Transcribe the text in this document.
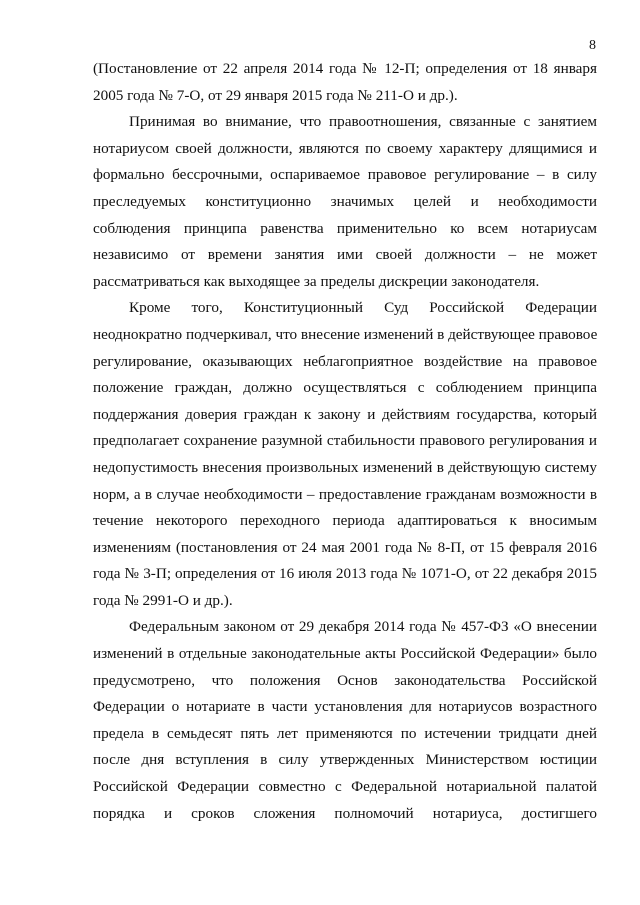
8
(Постановление от 22 апреля 2014 года № 12-П; определения от 18 января
2005 года № 7-О, от 29 января 2015 года № 211-О и др.).
Принимая во внимание, что правоотношения, связанные с занятием
нотариусом своей должности, являются по своему характеру длящимися и
формально бессрочными, оспариваемое правовое регулирование – в силу
преследуемых конституционно значимых целей и необходимости
соблюдения принципа равенства применительно ко всем нотариусам
независимо от времени занятия ими своей должности – не может
рассматриваться как выходящее за пределы дискреции законодателя.
Кроме того, Конституционный Суд Российской Федерации
неоднократно подчеркивал, что внесение изменений в действующее правовое
регулирование, оказывающих неблагоприятное воздействие на правовое
положение граждан, должно осуществляться с соблюдением принципа
поддержания доверия граждан к закону и действиям государства, который
предполагает сохранение разумной стабильности правового регулирования и
недопустимость внесения произвольных изменений в действующую систему
норм, а в случае необходимости – предоставление гражданам возможности в
течение некоторого переходного периода адаптироваться к вносимым
изменениям (постановления от 24 мая 2001 года № 8-П, от 15 февраля 2016
года № 3-П; определения от 16 июля 2013 года № 1071-О, от 22 декабря 2015
года № 2991-О и др.).
Федеральным законом от 29 декабря 2014 года № 457-ФЗ «О внесении
изменений в отдельные законодательные акты Российской Федерации» было
предусмотрено, что положения Основ законодательства Российской
Федерации о нотариате в части установления для нотариусов возрастного
предела в семьдесят пять лет применяются по истечении тридцати дней
после дня вступления в силу утвержденных Министерством юстиции
Российской Федерации совместно с Федеральной нотариальной палатой
порядка и сроков сложения полномочий нотариуса, достигшего
